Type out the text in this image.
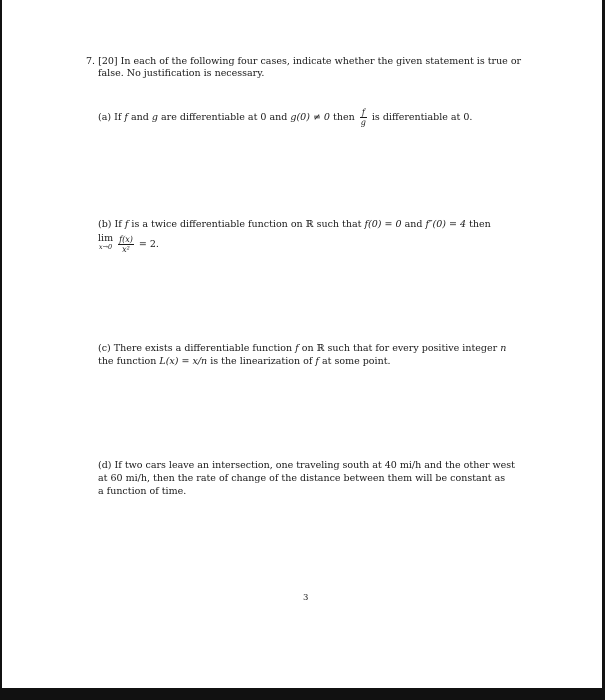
7. [20] In each of the following four cases, indicate whether the given statement is true or
false. No justification is necessary.
(a) If f and g are differentiable at 0 and g(0) ≠ 0 then $\frac{f}{g}$ is differentiable at 0.
(b) If f is a twice differentiable function on ℝ such that f(0) = 0 and f″(0) = 4 then
lim
x→0
$\frac{f(x)}{\text{x²}} = 2$.
(c) There exists a differentiable function f on ℝ such that for every positive integer n
the function L(x) = x/n is the linearization of f at some point.
(d) If two cars leave an intersection, one traveling south at 40 mi/h and the other west
at 60 mi/h, then the rate of change of the distance between them will be constant as
a function of time.
3
